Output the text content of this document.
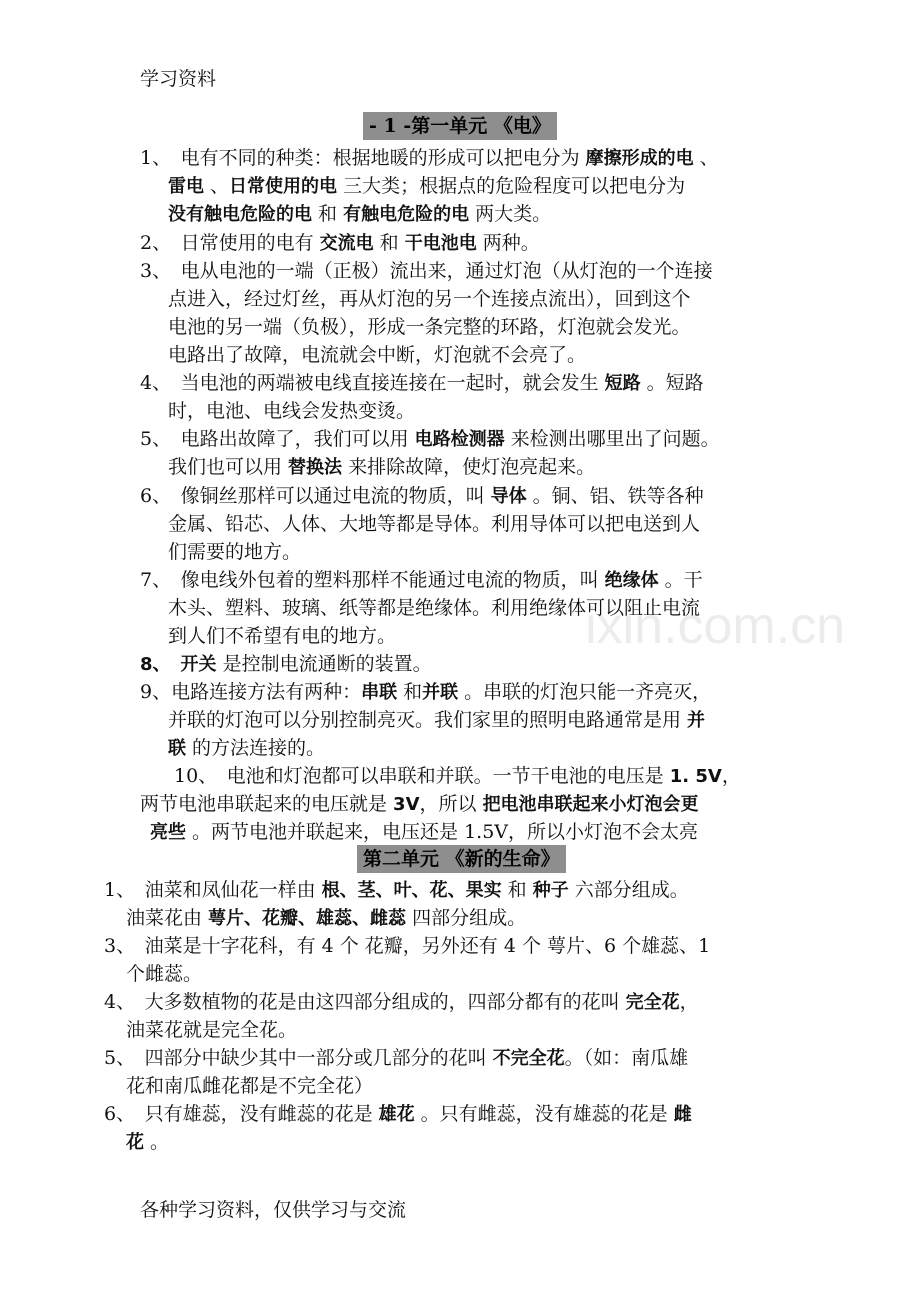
学习资料
ixin.com.cn
- 1 -第一单元 《电》
1、　电有不同的种类：根据地暖的形成可以把电分为 摩擦形成的电 、
雷电 、日常使用的电 三大类；根据点的危险程度可以把电分为
没有触电危险的电 和 有触电危险的电 两大类。
2、　日常使用的电有 交流电 和 干电池电 两种。
3、　电从电池的一端（正极）流出来，通过灯泡（从灯泡的一个连接
点进入，经过灯丝，再从灯泡的另一个连接点流出），回到这个
电池的另一端（负极），形成一条完整的环路，灯泡就会发光。
电路出了故障，电流就会中断，灯泡就不会亮了。
4、　当电池的两端被电线直接连接在一起时，就会发生 短路 。短路
时，电池、电线会发热变烫。
5、　电路出故障了，我们可以用 电路检测器 来检测出哪里出了问题。
我们也可以用 替换法 来排除故障，使灯泡亮起来。
6、　像铜丝那样可以通过电流的物质，叫 导体 。铜、铝、铁等各种
金属、铅芯、人体、大地等都是导体。利用导体可以把电送到人
们需要的地方。
7、　像电线外包着的塑料那样不能通过电流的物质，叫 绝缘体 。干
木头、塑料、玻璃、纸等都是绝缘体。利用绝缘体可以阻止电流
到人们不希望有电的地方。
8、　 开关 是控制电流通断的装置。
9、电路连接方法有两种：串联 和并联 。串联的灯泡只能一齐亮灭，
并联的灯泡可以分别控制亮灭。我们家里的照明电路通常是用 并
联 的方法连接的。
10、　电池和灯泡都可以串联和并联。一节干电池的电压是 1. 5V，
两节电池串联起来的电压就是 3V，所以 把电池串联起来小灯泡会更
亮些 。两节电池并联起来，电压还是 1.5V，所以小灯泡不会太亮
第二单元 《新的生命》
1、　油菜和凤仙花一样由 根、茎、叶、花、果实 和 种子 六部分组成。
油菜花由 萼片、花瓣、雄蕊、雌蕊 四部分组成。
3、　油菜是十字花科，有 4 个 花瓣，另外还有 4 个 萼片、6 个雄蕊、1
个雌蕊。
4、　大多数植物的花是由这四部分组成的，四部分都有的花叫 完全花，
油菜花就是完全花。
5、　四部分中缺少其中一部分或几部分的花叫 不完全花。（如：南瓜雄
花和南瓜雌花都是不完全花）
6、　只有雄蕊，没有雌蕊的花是 雄花 。只有雌蕊，没有雄蕊的花是 雌
花 。
各种学习资料，仅供学习与交流
